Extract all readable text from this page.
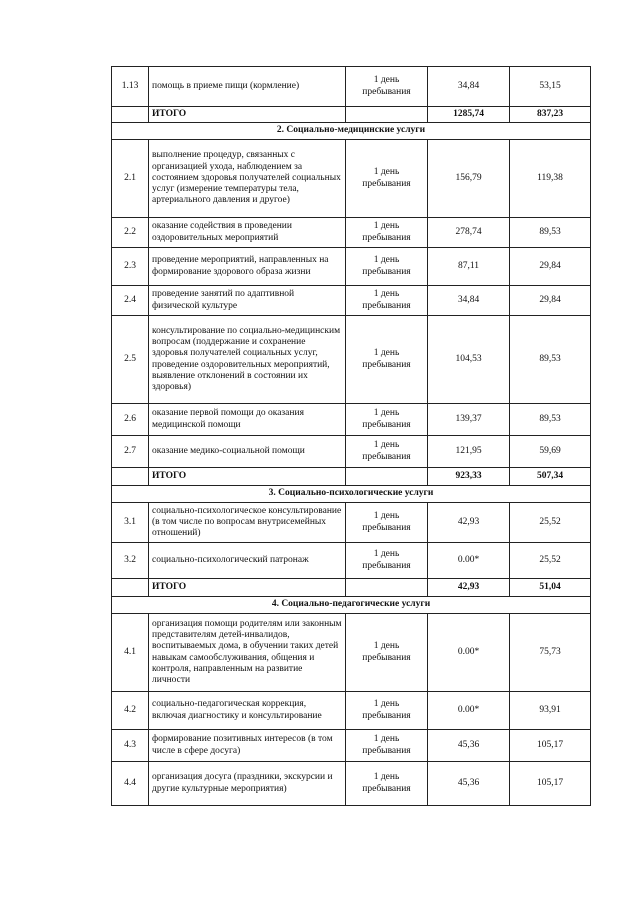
1.13	помощь в приеме пищи (кормление)	1 день пребывания	34,84	53,15
	ИТОГО		1285,74	837,23
2. Социально-медицинские услуги				
2.1	выполнение процедур, связанных с организацией ухода, наблюдением за состоянием здоровья получателей социальных услуг (измерение температуры тела, артериального давления и другое)	1 день пребывания	156,79	119,38
2.2	оказание содействия в проведении оздоровительных мероприятий	1 день пребывания	278,74	89,53
2.3	проведение мероприятий, направленных на формирование здорового образа жизни	1 день пребывания	87,11	29,84
2.4	проведение занятий по адаптивной физической культуре	1 день пребывания	34,84	29,84
2.5	консультирование по социально-медицинским вопросам (поддержание и сохранение здоровья получателей социальных услуг, проведение оздоровительных мероприятий, выявление отклонений в состоянии их здоровья)	1 день пребывания	104,53	89,53
2.6	оказание первой помощи до оказания медицинской помощи	1 день пребывания	139,37	89,53
2.7	оказание медико-социальной помощи	1 день пребывания	121,95	59,69
	ИТОГО		923,33	507,34
3. Социально-психологические услуги				
3.1	социально-психологическое консультирование (в том числе по вопросам внутрисемейных отношений)	1 день пребывания	42,93	25,52
3.2	социально-психологический патронаж	1 день пребывания	0.00*	25,52
	ИТОГО		42,93	51,04
4. Социально-педагогические услуги				
4.1	организация помощи родителям или законным представителям детей-инвалидов, воспитываемых дома, в обучении таких детей навыкам самообслуживания, общения и контроля, направленным на развитие личности	1 день пребывания	0.00*	75,73
4.2	социально-педагогическая коррекция, включая диагностику и консультирование	1 день пребывания	0.00*	93,91
4.3	формирование позитивных интересов (в том числе в сфере досуга)	1 день пребывания	45,36	105,17
4.4	организация досуга (праздники, экскурсии и другие культурные мероприятия)	1 день пребывания	45,36	105,17
